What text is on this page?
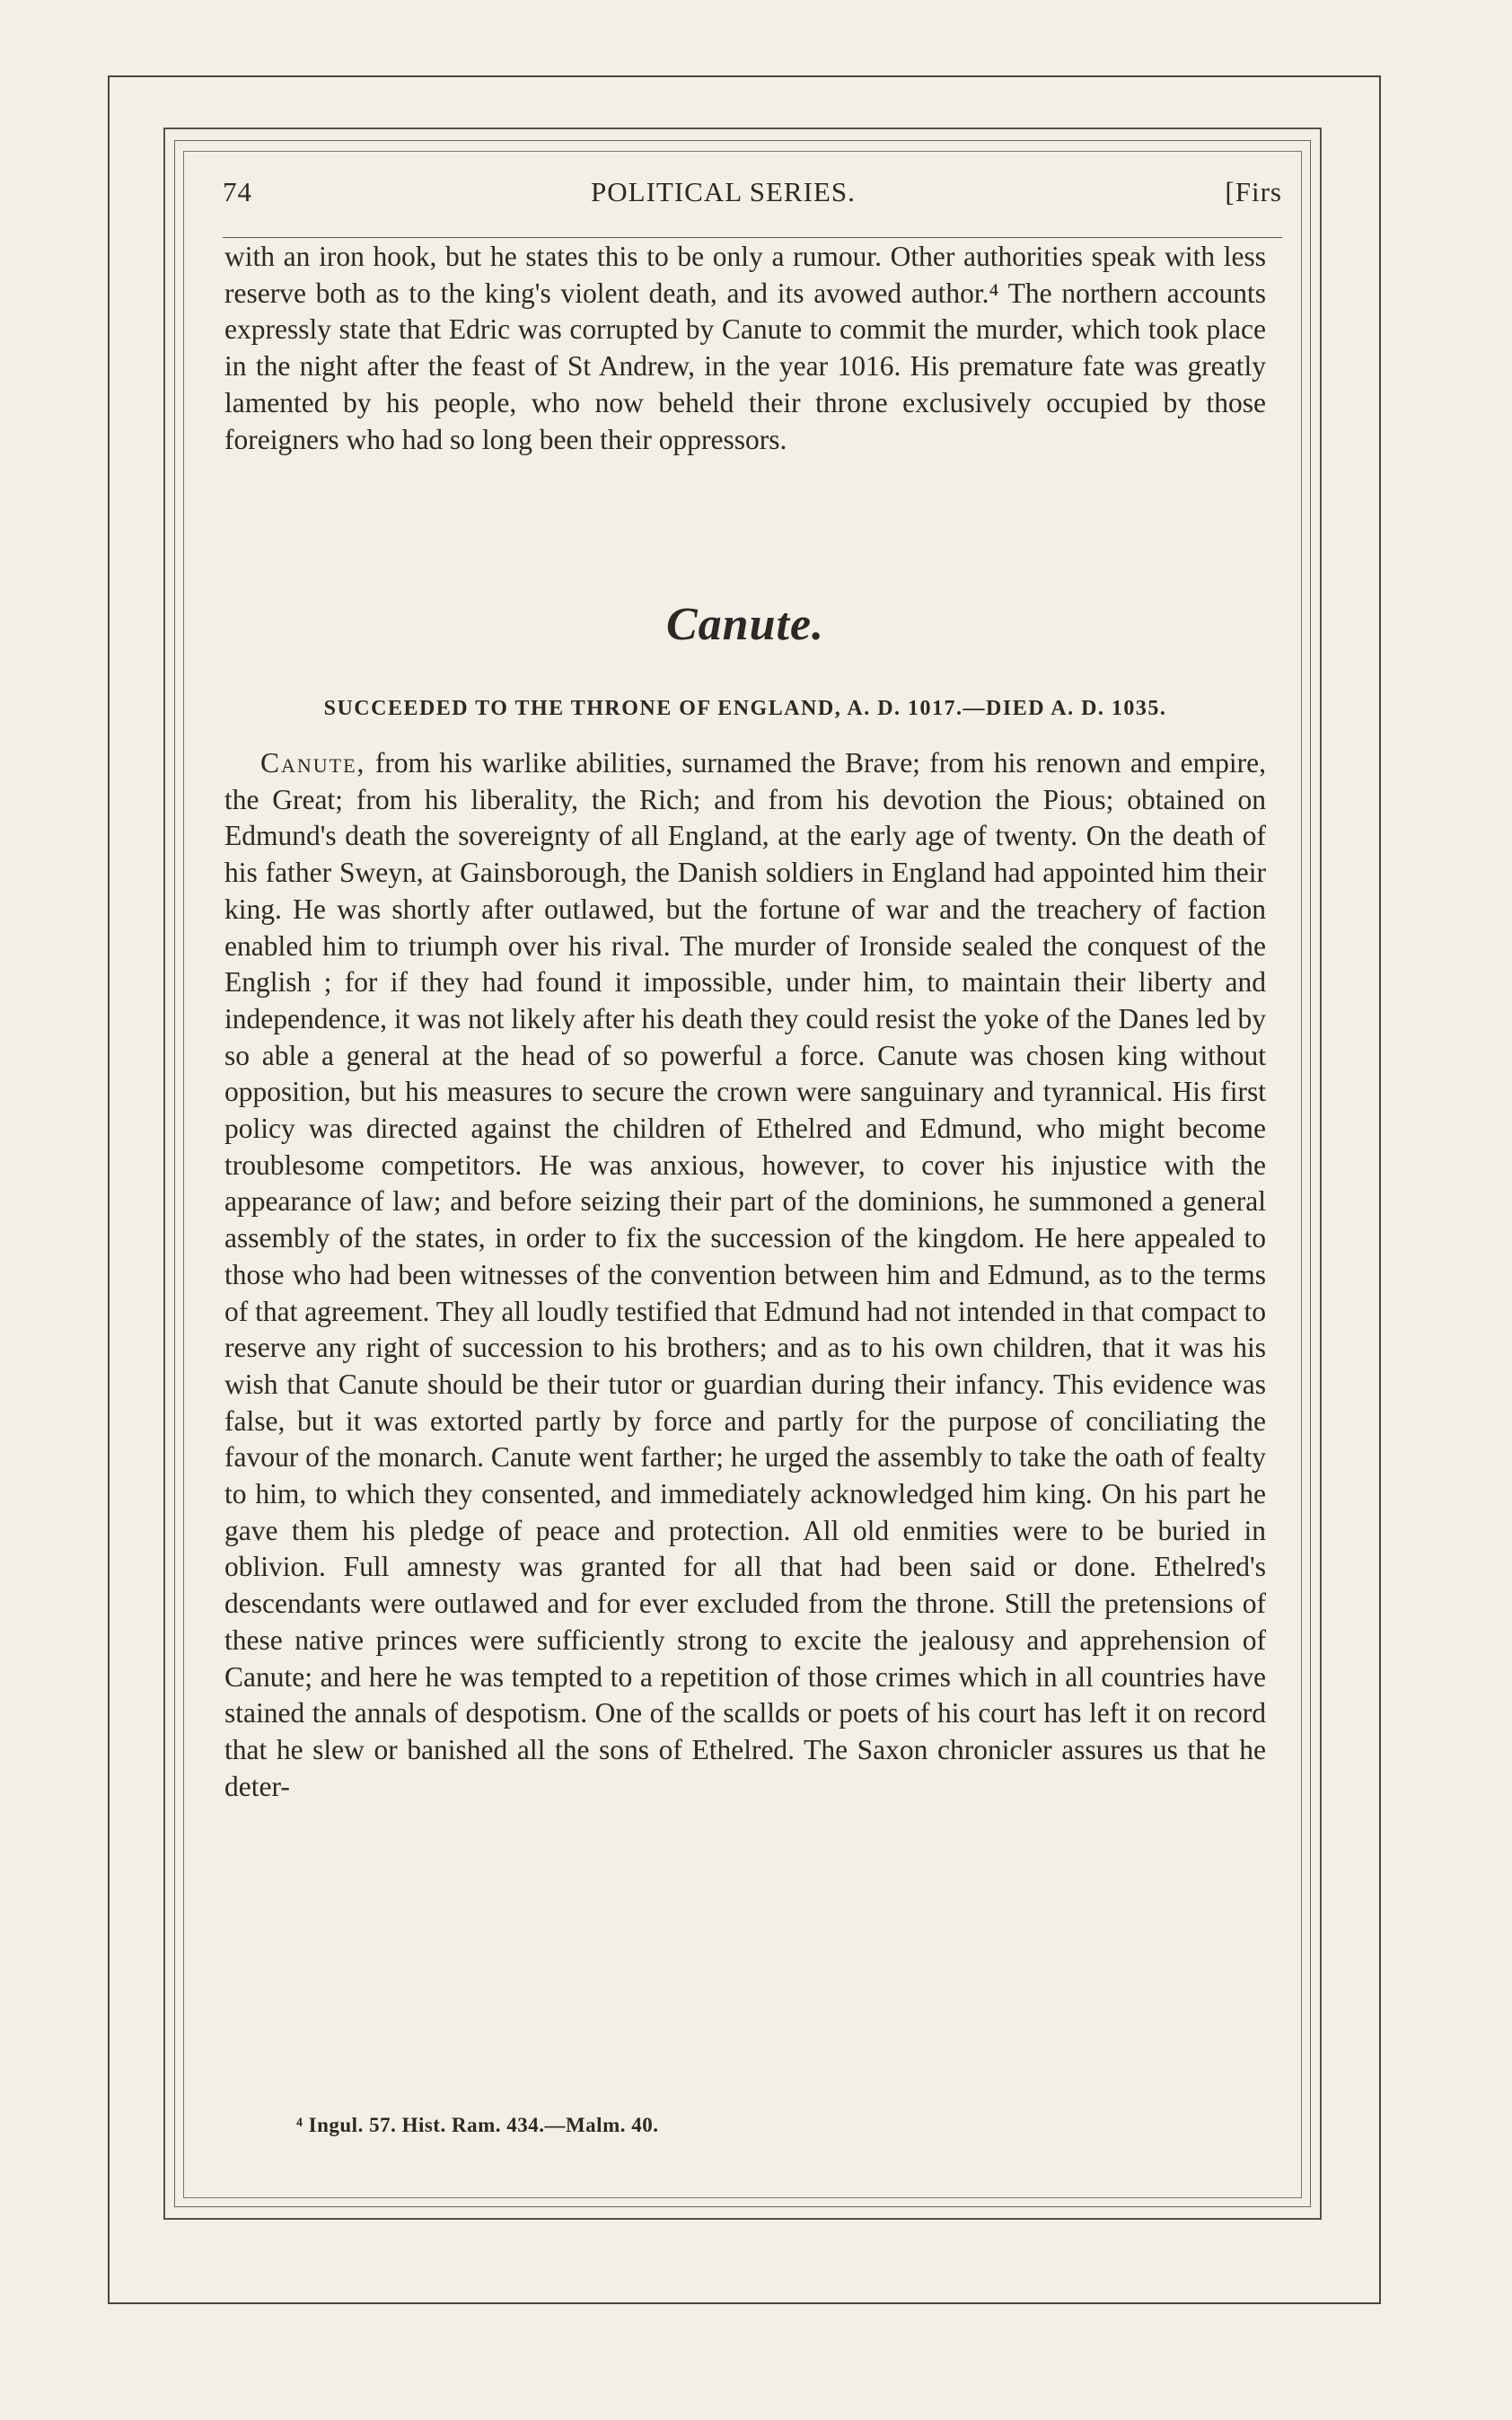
74	POLITICAL SERIES.	[Firs

with an iron hook, but he states this to be only a rumour. Other authorities speak with less reserve both as to the king's violent death, and its avowed author.⁴ The northern accounts expressly state that Edric was corrupted by Canute to commit the murder, which took place in the night after the feast of St Andrew, in the year 1016. His premature fate was greatly lamented by his people, who now beheld their throne exclusively occupied by those foreigners who had so long been their oppressors.

Canute.
SUCCEEDED TO THE THRONE OF ENGLAND, A. D. 1017.—DIED A. D. 1035.

Canute, from his warlike abilities, surnamed the Brave; from his renown and empire, the Great; from his liberality, the Rich; and from his devotion the Pious; obtained on Edmund's death the sovereignty of all England, at the early age of twenty. On the death of his father Sweyn, at Gainsborough, the Danish soldiers in England had appointed him their king. He was shortly after outlawed, but the fortune of war and the treachery of faction enabled him to triumph over his rival. The murder of Ironside sealed the conquest of the English ; for if they had found it impossible, under him, to maintain their liberty and independence, it was not likely after his death they could resist the yoke of the Danes led by so able a general at the head of so powerful a force. Canute was chosen king without opposition, but his measures to secure the crown were sanguinary and tyrannical. His first policy was directed against the children of Ethelred and Edmund, who might become troublesome competitors. He was anxious, however, to cover his injustice with the appearance of law; and before seizing their part of the dominions, he summoned a general assembly of the states, in order to fix the succession of the kingdom. He here appealed to those who had been witnesses of the convention between him and Edmund, as to the terms of that agreement. They all loudly testified that Edmund had not intended in that compact to reserve any right of succession to his brothers; and as to his own children, that it was his wish that Canute should be their tutor or guardian during their infancy. This evidence was false, but it was extorted partly by force and partly for the purpose of conciliating the favour of the monarch. Canute went farther; he urged the assembly to take the oath of fealty to him, to which they consented, and immediately acknowledged him king. On his part he gave them his pledge of peace and protection. All old enmities were to be buried in oblivion. Full amnesty was granted for all that had been said or done. Ethelred's descendants were outlawed and for ever excluded from the throne. Still the pretensions of these native princes were sufficiently strong to excite the jealousy and apprehension of Canute; and here he was tempted to a repetition of those crimes which in all countries have stained the annals of despotism. One of the scallds or poets of his court has left it on record that he slew or banished all the sons of Ethelred. The Saxon chronicler assures us that he deter-

⁴ Ingul. 57. Hist. Ram. 434.—Malm. 40.
